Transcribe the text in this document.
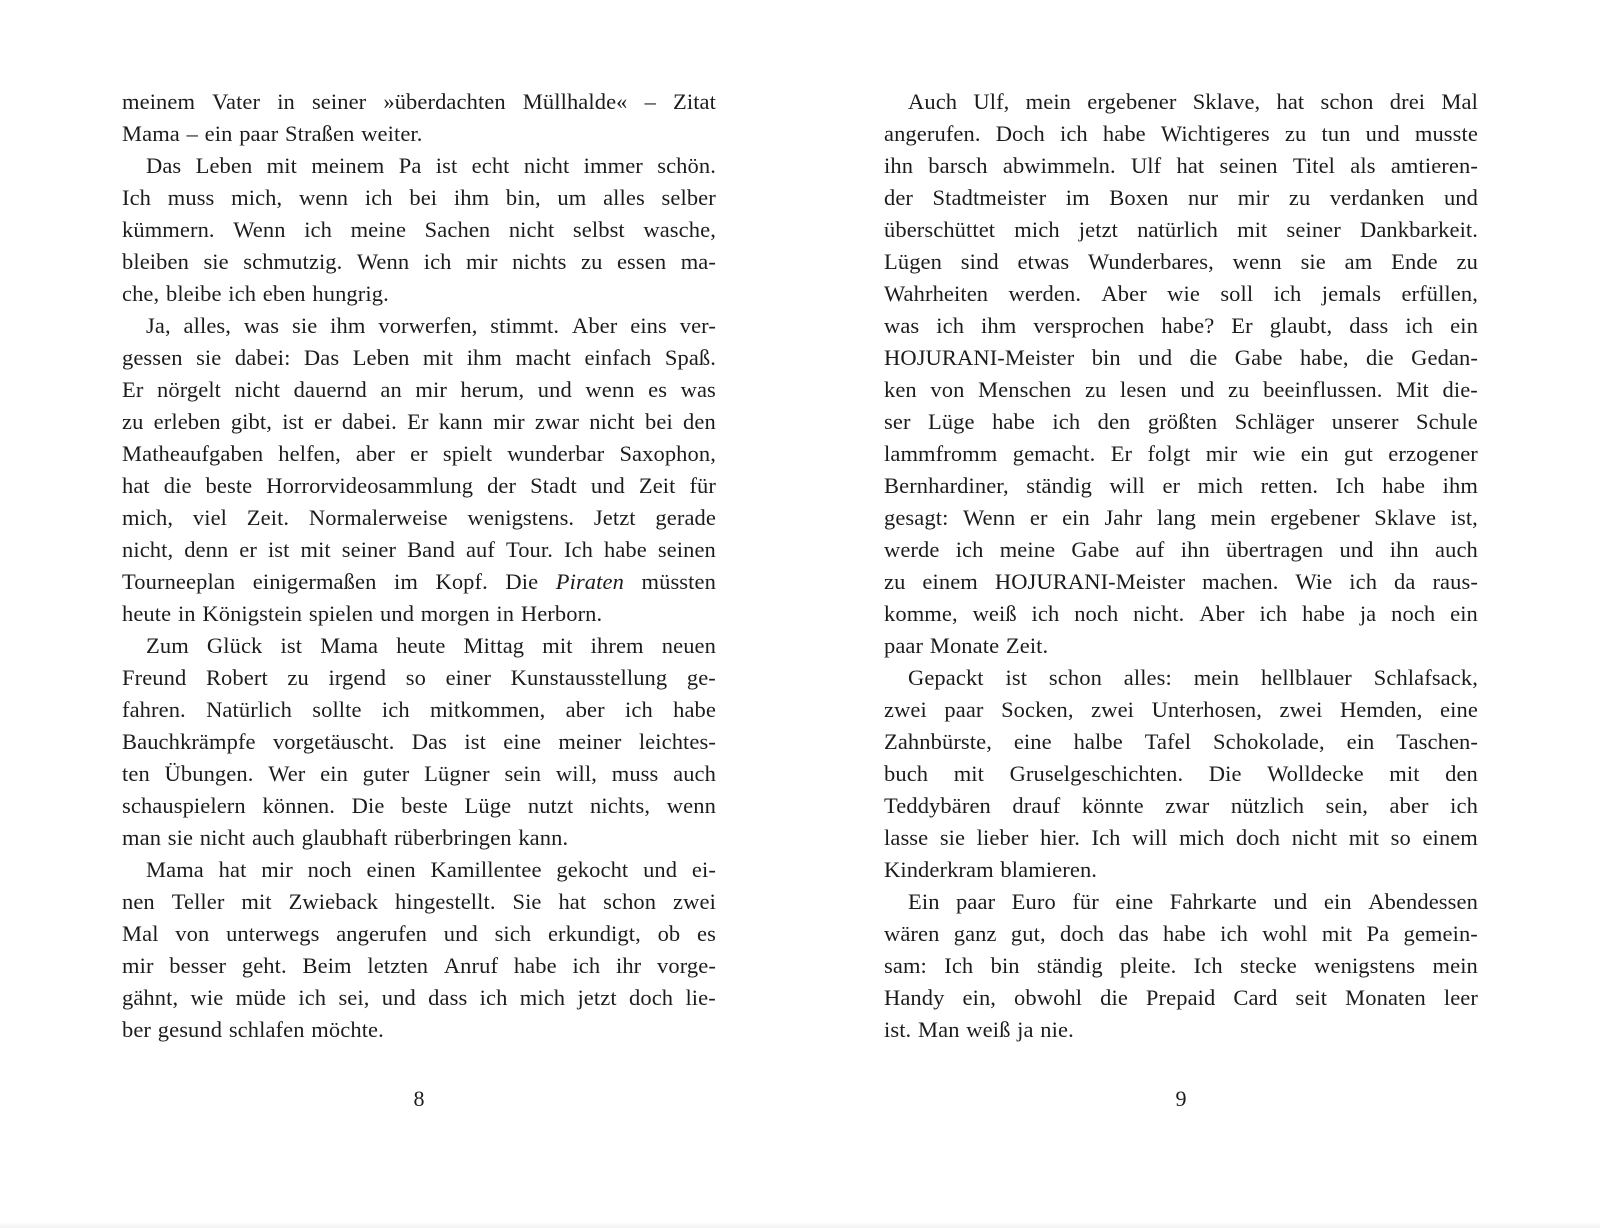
meinem Vater in seiner »überdachten Müllhalde« – Zitat
Mama – ein paar Straßen weiter.
Das Leben mit meinem Pa ist echt nicht immer schön.
Ich muss mich, wenn ich bei ihm bin, um alles selber
kümmern. Wenn ich meine Sachen nicht selbst wasche,
bleiben sie schmutzig. Wenn ich mir nichts zu essen ma-
che, bleibe ich eben hungrig.
Ja, alles, was sie ihm vorwerfen, stimmt. Aber eins ver-
gessen sie dabei: Das Leben mit ihm macht einfach Spaß.
Er nörgelt nicht dauernd an mir herum, und wenn es was
zu erleben gibt, ist er dabei. Er kann mir zwar nicht bei den
Matheaufgaben helfen, aber er spielt wunderbar Saxophon,
hat die beste Horrorvideosammlung der Stadt und Zeit für
mich, viel Zeit. Normalerweise wenigstens. Jetzt gerade
nicht, denn er ist mit seiner Band auf Tour. Ich habe seinen
Tourneeplan einigermaßen im Kopf. Die Piraten müssten
heute in Königstein spielen und morgen in Herborn.
Zum Glück ist Mama heute Mittag mit ihrem neuen
Freund Robert zu irgend so einer Kunstausstellung ge-
fahren. Natürlich sollte ich mitkommen, aber ich habe
Bauchkrämpfe vorgetäuscht. Das ist eine meiner leichtes-
ten Übungen. Wer ein guter Lügner sein will, muss auch
schauspielern können. Die beste Lüge nutzt nichts, wenn
man sie nicht auch glaubhaft rüberbringen kann.
Mama hat mir noch einen Kamillentee gekocht und ei-
nen Teller mit Zwieback hingestellt. Sie hat schon zwei
Mal von unterwegs angerufen und sich erkundigt, ob es
mir besser geht. Beim letzten Anruf habe ich ihr vorge-
gähnt, wie müde ich sei, und dass ich mich jetzt doch lie-
ber gesund schlafen möchte.
8
Auch Ulf, mein ergebener Sklave, hat schon drei Mal
angerufen. Doch ich habe Wichtigeres zu tun und musste
ihn barsch abwimmeln. Ulf hat seinen Titel als amtieren-
der Stadtmeister im Boxen nur mir zu verdanken und
überschüttet mich jetzt natürlich mit seiner Dankbarkeit.
Lügen sind etwas Wunderbares, wenn sie am Ende zu
Wahrheiten werden. Aber wie soll ich jemals erfüllen,
was ich ihm versprochen habe? Er glaubt, dass ich ein
HOJURANI-Meister bin und die Gabe habe, die Gedan-
ken von Menschen zu lesen und zu beeinflussen. Mit die-
ser Lüge habe ich den größten Schläger unserer Schule
lammfromm gemacht. Er folgt mir wie ein gut erzogener
Bernhardiner, ständig will er mich retten. Ich habe ihm
gesagt: Wenn er ein Jahr lang mein ergebener Sklave ist,
werde ich meine Gabe auf ihn übertragen und ihn auch
zu einem HOJURANI-Meister machen. Wie ich da raus-
komme, weiß ich noch nicht. Aber ich habe ja noch ein
paar Monate Zeit.
Gepackt ist schon alles: mein hellblauer Schlafsack,
zwei paar Socken, zwei Unterhosen, zwei Hemden, eine
Zahnbürste, eine halbe Tafel Schokolade, ein Taschen-
buch mit Gruselgeschichten. Die Wolldecke mit den
Teddybären drauf könnte zwar nützlich sein, aber ich
lasse sie lieber hier. Ich will mich doch nicht mit so einem
Kinderkram blamieren.
Ein paar Euro für eine Fahrkarte und ein Abendessen
wären ganz gut, doch das habe ich wohl mit Pa gemein-
sam: Ich bin ständig pleite. Ich stecke wenigstens mein
Handy ein, obwohl die Prepaid Card seit Monaten leer
ist. Man weiß ja nie.
9
